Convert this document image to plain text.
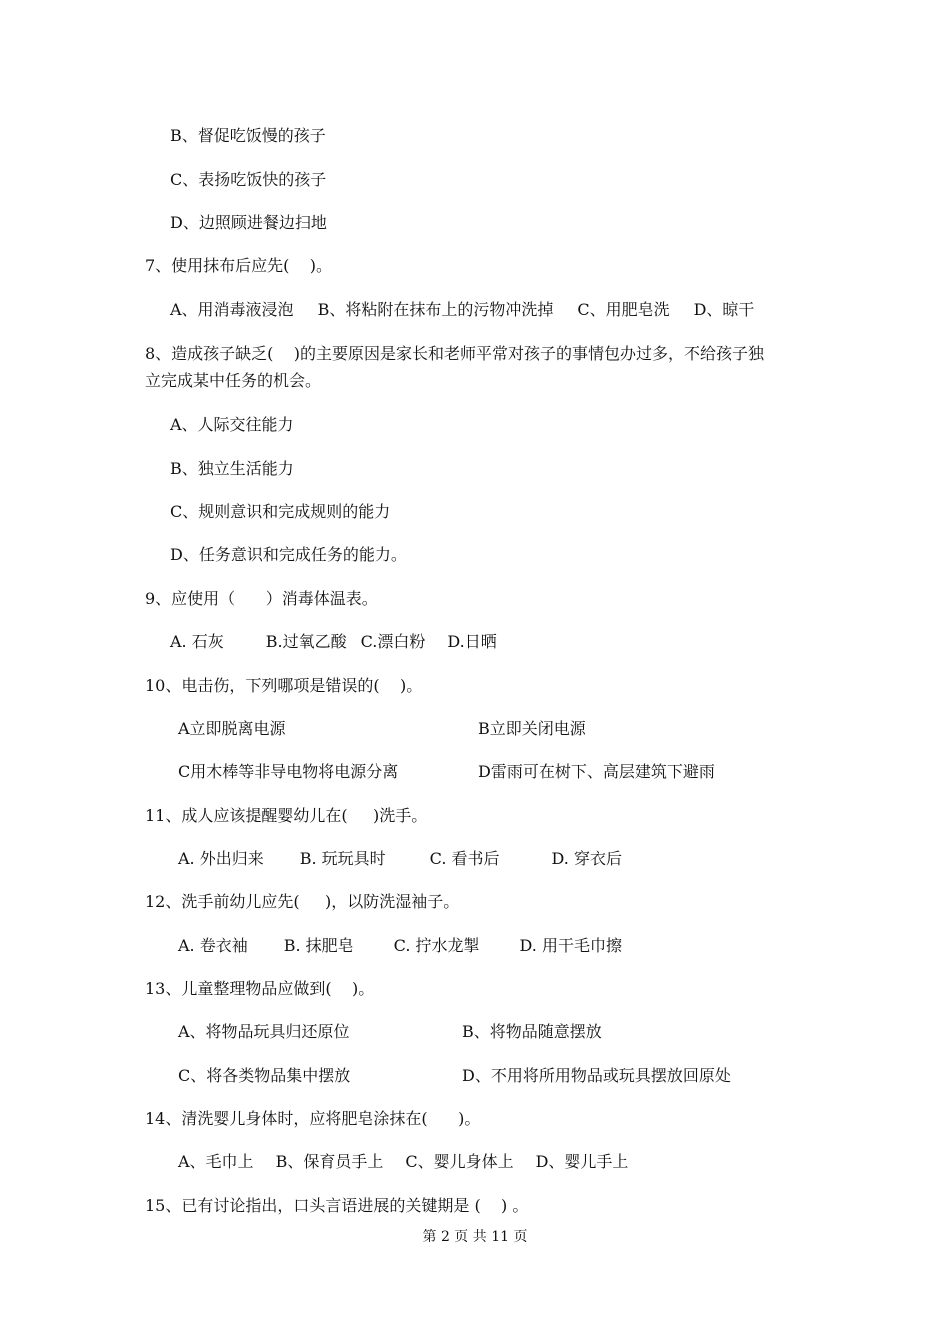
B、督促吃饭慢的孩子
C、表扬吃饭快的孩子
D、边照顾进餐边扫地
7、使用抹布后应先(    )。
A、用消毒液浸泡 B、将粘附在抹布上的污物冲洗掉 C、用肥皂洗 D、晾干
8、造成孩子缺乏(    )的主要原因是家长和老师平常对孩子的事情包办过多，不给孩子独
立完成某中任务的机会。
A、人际交往能力
B、独立生活能力
C、规则意识和完成规则的能力
D、任务意识和完成任务的能力。
9、应使用（      ）消毒体温表。
A. 石灰	B.过氧乙酸 C.漂白粉 D.日晒
10、电击伤，下列哪项是错误的(    )。
A立即脱离电源	B立即关闭电源
C用木棒等非导电物将电源分离	D雷雨可在树下、高层建筑下避雨
11、成人应该提醒婴幼儿在(     )洗手。
A. 外出归来 B. 玩玩具时	C. 看书后	D. 穿衣后
12、洗手前幼儿应先(     )，以防洗湿袖子。
A. 卷衣袖 B. 抹肥皂	C. 拧水龙掣	D. 用干毛巾擦
13、儿童整理物品应做到(    )。
A、将物品玩具归还原位	B、将物品随意摆放
C、将各类物品集中摆放	D、不用将所用物品或玩具摆放回原处
14、清洗婴儿身体时，应将肥皂涂抹在(      )。
A、毛巾上 B、保育员手上 C、婴儿身体上 D、婴儿手上
15、已有讨论指出，口头言语进展的关键期是 (    ) 。
第 2 页 共 11 页
